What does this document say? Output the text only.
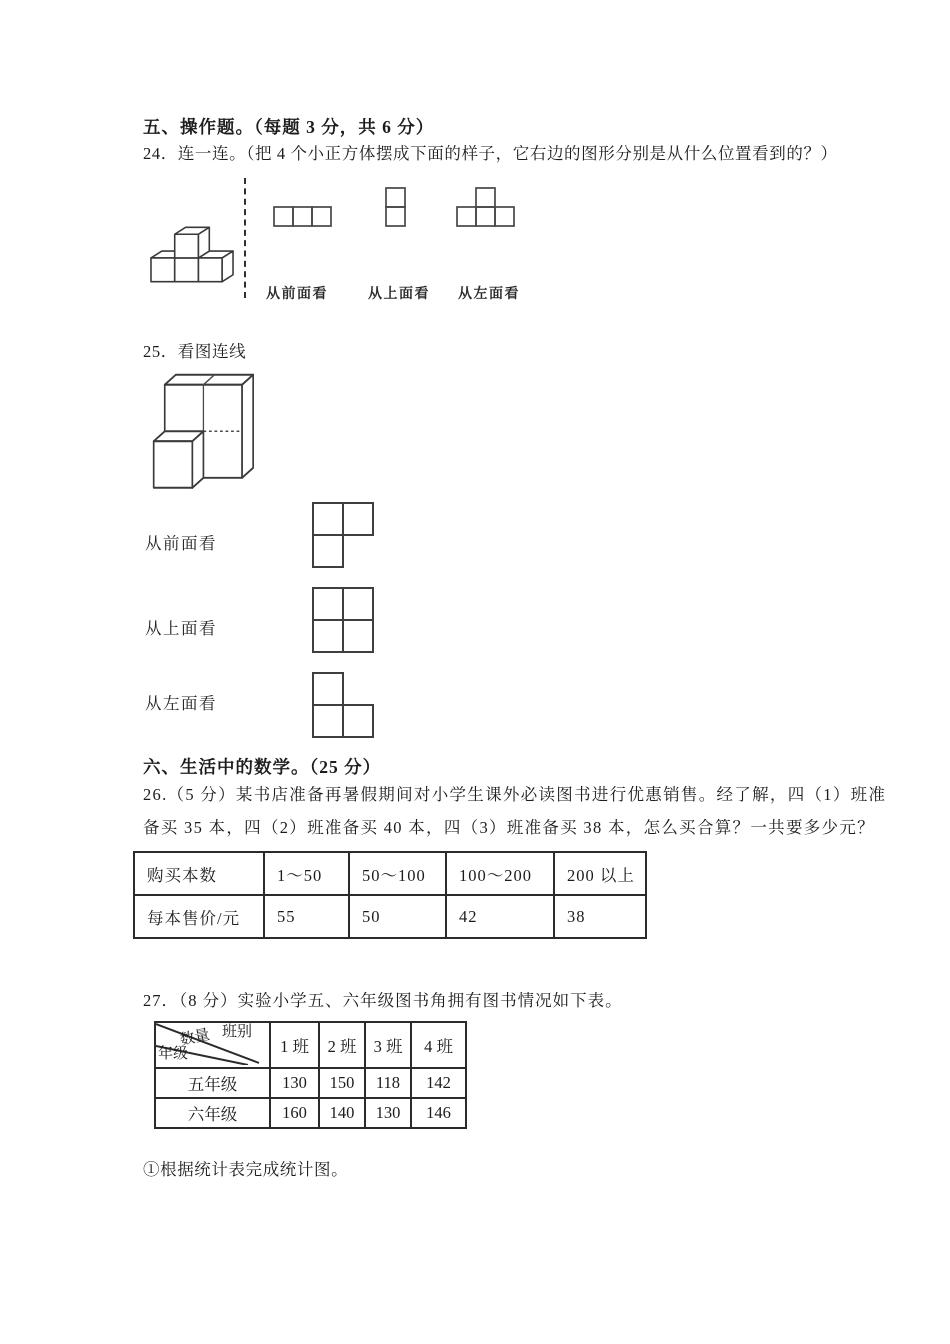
五、操作题。（每题 3 分，共 6 分）
24．连一连。（把 4 个小正方体摆成下面的样子，它右边的图形分别是从什么位置看到的？）
从前面看	从上面看 从左面看
25．看图连线
从前面看
从上面看
从左面看
六、生活中的数学。（25 分）
26.（5 分）某书店准备再暑假期间对小学生课外必读图书进行优惠销售。经了解，四（1）班准
备买 35 本，四（2）班准备买 40 本，四（3）班准备买 38 本，怎么买合算？一共要多少元？
购买本数	1～50	50～100	100～200	200 以上
每本售价/元	55	50	42	38
27．（8 分）实验小学五、六年级图书角拥有图书情况如下表。
班别
数量
年级	1 班	2 班	3 班	4 班
五年级	130	150	118	142
六年级	160	140	130	146
①根据统计表完成统计图。
